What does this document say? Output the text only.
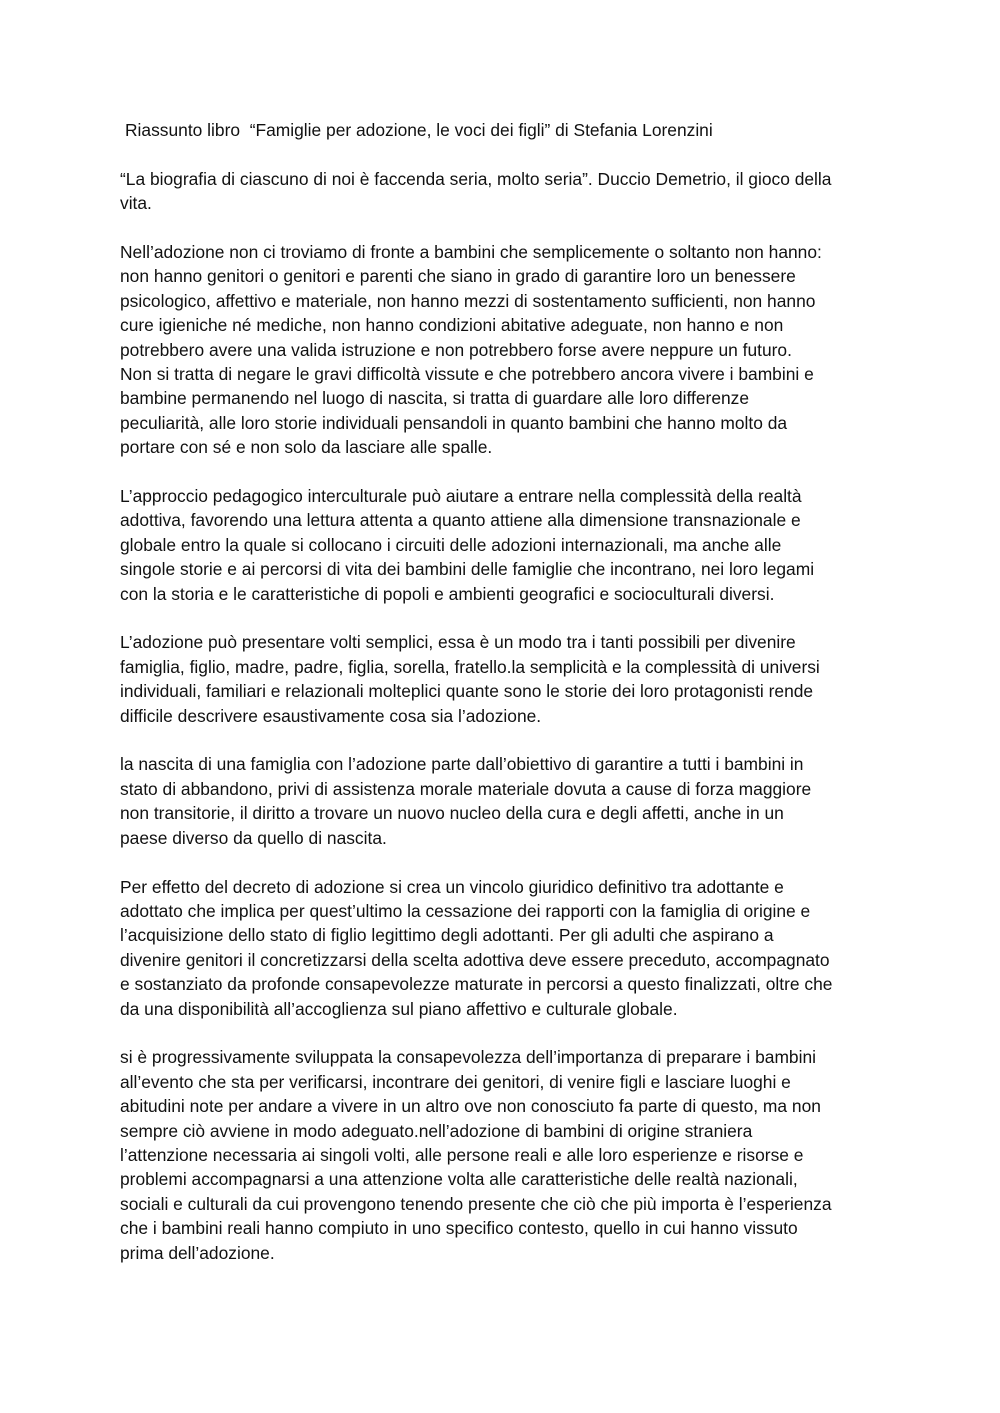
Riassunto libro  “Famiglie per adozione, le voci dei figli” di Stefania Lorenzini
“La biografia di ciascuno di noi è faccenda seria, molto seria”. Duccio Demetrio, il gioco della
vita.
Nell’adozione non ci troviamo di fronte a bambini che semplicemente o soltanto non hanno:
non hanno genitori o genitori e parenti che siano in grado di garantire loro un benessere
psicologico, affettivo e materiale, non hanno mezzi di sostentamento sufficienti, non hanno
cure igieniche né mediche, non hanno condizioni abitative adeguate, non hanno e non
potrebbero avere una valida istruzione e non potrebbero forse avere neppure un futuro.
Non si tratta di negare le gravi difficoltà vissute e che potrebbero ancora vivere i bambini e
bambine permanendo nel luogo di nascita, si tratta di guardare alle loro differenze
peculiarità, alle loro storie individuali pensandoli in quanto bambini che hanno molto da
portare con sé e non solo da lasciare alle spalle.
L’approccio pedagogico interculturale può aiutare a entrare nella complessità della realtà
adottiva, favorendo una lettura attenta a quanto attiene alla dimensione transnazionale e
globale entro la quale si collocano i circuiti delle adozioni internazionali, ma anche alle
singole storie e ai percorsi di vita dei bambini delle famiglie che incontrano, nei loro legami
con la storia e le caratteristiche di popoli e ambienti geografici e socioculturali diversi.
L’adozione può presentare volti semplici, essa è un modo tra i tanti possibili per divenire
famiglia, figlio, madre, padre, figlia, sorella, fratello.la semplicità e la complessità di universi
individuali, familiari e relazionali molteplici quante sono le storie dei loro protagonisti rende
difficile descrivere esaustivamente cosa sia l’adozione.
la nascita di una famiglia con l’adozione parte dall’obiettivo di garantire a tutti i bambini in
stato di abbandono, privi di assistenza morale materiale dovuta a cause di forza maggiore
non transitorie, il diritto a trovare un nuovo nucleo della cura e degli affetti, anche in un
paese diverso da quello di nascita.
Per effetto del decreto di adozione si crea un vincolo giuridico definitivo tra adottante e
adottato che implica per quest’ultimo la cessazione dei rapporti con la famiglia di origine e
l’acquisizione dello stato di figlio legittimo degli adottanti. Per gli adulti che aspirano a
divenire genitori il concretizzarsi della scelta adottiva deve essere preceduto, accompagnato
e sostanziato da profonde consapevolezze maturate in percorsi a questo finalizzati, oltre che
da una disponibilità all’accoglienza sul piano affettivo e culturale globale.
si è progressivamente sviluppata la consapevolezza dell’importanza di preparare i bambini
all’evento che sta per verificarsi, incontrare dei genitori, di venire figli e lasciare luoghi e
abitudini note per andare a vivere in un altro ove non conosciuto fa parte di questo, ma non
sempre ciò avviene in modo adeguato.nell’adozione di bambini di origine straniera
l’attenzione necessaria ai singoli volti, alle persone reali e alle loro esperienze e risorse e
problemi accompagnarsi a una attenzione volta alle caratteristiche delle realtà nazionali,
sociali e culturali da cui provengono tenendo presente che ciò che più importa è l’esperienza
che i bambini reali hanno compiuto in uno specifico contesto, quello in cui hanno vissuto
prima dell’adozione.
